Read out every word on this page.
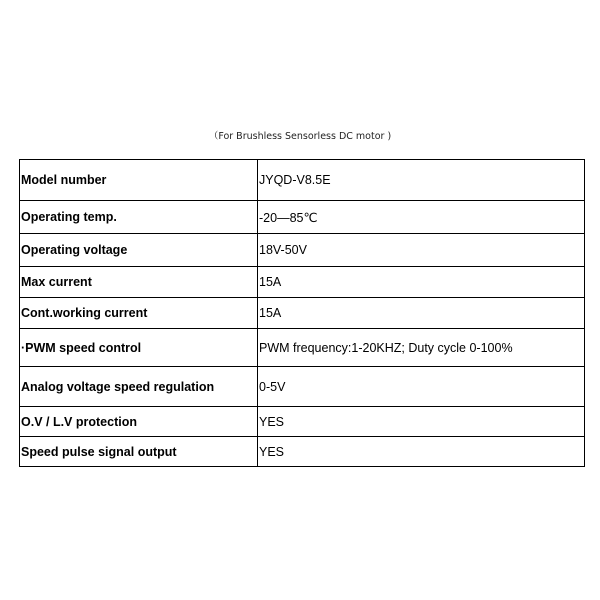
（For Brushless Sensorless DC motor )
Model number	JYQD-V8.5E
Operating temp.	-20—85℃
Operating voltage	18V-50V
Max current	15A
Cont.working current	15A
·PWM speed control	PWM frequency:1-20KHZ; Duty cycle 0-100%
Analog voltage speed regulation	0-5V
O.V / L.V protection	YES
Speed pulse signal output	YES
